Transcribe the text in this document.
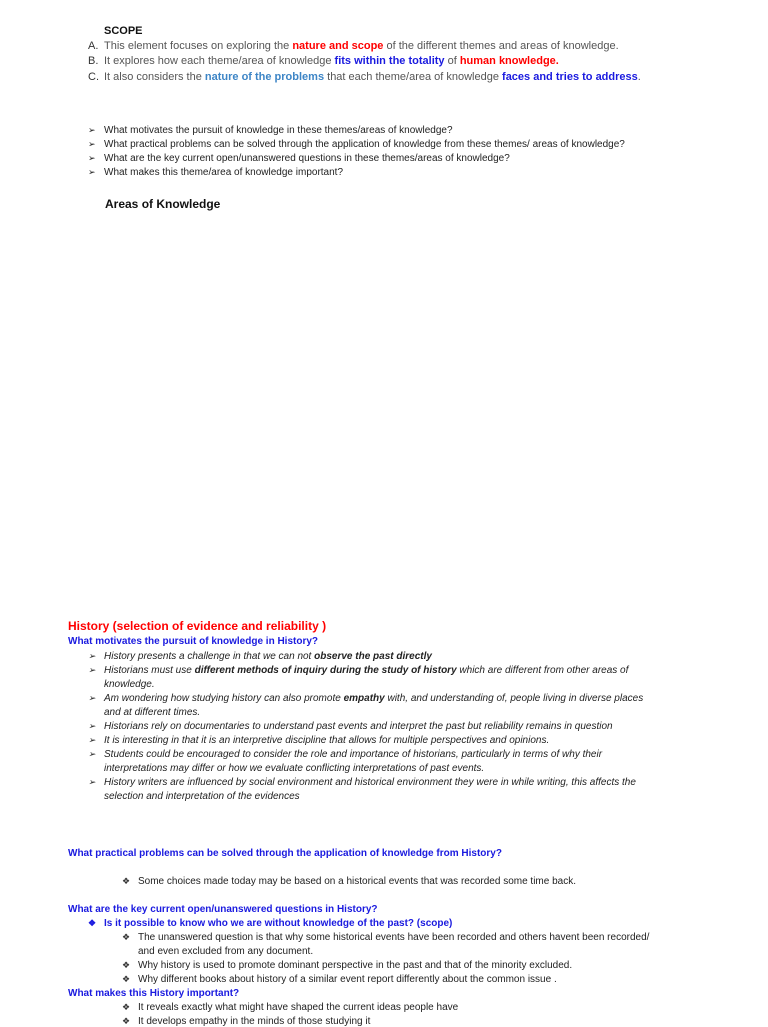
SCOPE
A. This element focuses on exploring the nature and scope of the different themes and areas of knowledge.
B. It explores how each theme/area of knowledge fits within the totality of human knowledge.
C. It also considers the nature of the problems that each theme/area of knowledge faces and tries to address.
➢ What motivates the pursuit of knowledge in these themes/areas of knowledge?
➢ What practical problems can be solved through the application of knowledge from these themes/ areas of knowledge?
➢ What are the key current open/unanswered questions in these themes/areas of knowledge?
➢ What makes this theme/area of knowledge important?
Areas of Knowledge
History (selection of evidence and reliability )
What motivates the pursuit of knowledge in History?
➢ History presents a challenge in that we can not observe the past directly
➢ Historians must use different methods of inquiry during the study of history which are different from other areas of
knowledge.
➢ Am wondering how studying history can also promote empathy with, and understanding of, people living in diverse places
and at different times.
➢ Historians rely on documentaries to understand past events and interpret the past but reliability remains in question
➢ It is interesting in that it is an interpretive discipline that allows for multiple perspectives and opinions.
➢ Students could be encouraged to consider the role and importance of historians, particularly in terms of why their
interpretations may differ or how we evaluate conflicting interpretations of past events.
➢ History writers are influenced by social environment and historical environment they were in while writing, this affects the
selection and interpretation of the evidences
What practical problems can be solved through the application of knowledge from History?
❖ Some choices made today may be based on a historical events that was recorded some time back.
What are the key current open/unanswered questions in History?
❖ Is it possible to know who we are without knowledge of the past? (scope)
❖ The unanswered question is that why some historical events have been recorded and others havent been recorded/
and even excluded from any document.
❖ Why history is used to promote dominant perspective in the past and that of the minority excluded.
❖ Why different books about history of a similar event report differently about the common issue .
What makes this History important?
❖ It reveals exactly what might have shaped the current ideas people have
❖ It develops empathy in the minds of those studying it
